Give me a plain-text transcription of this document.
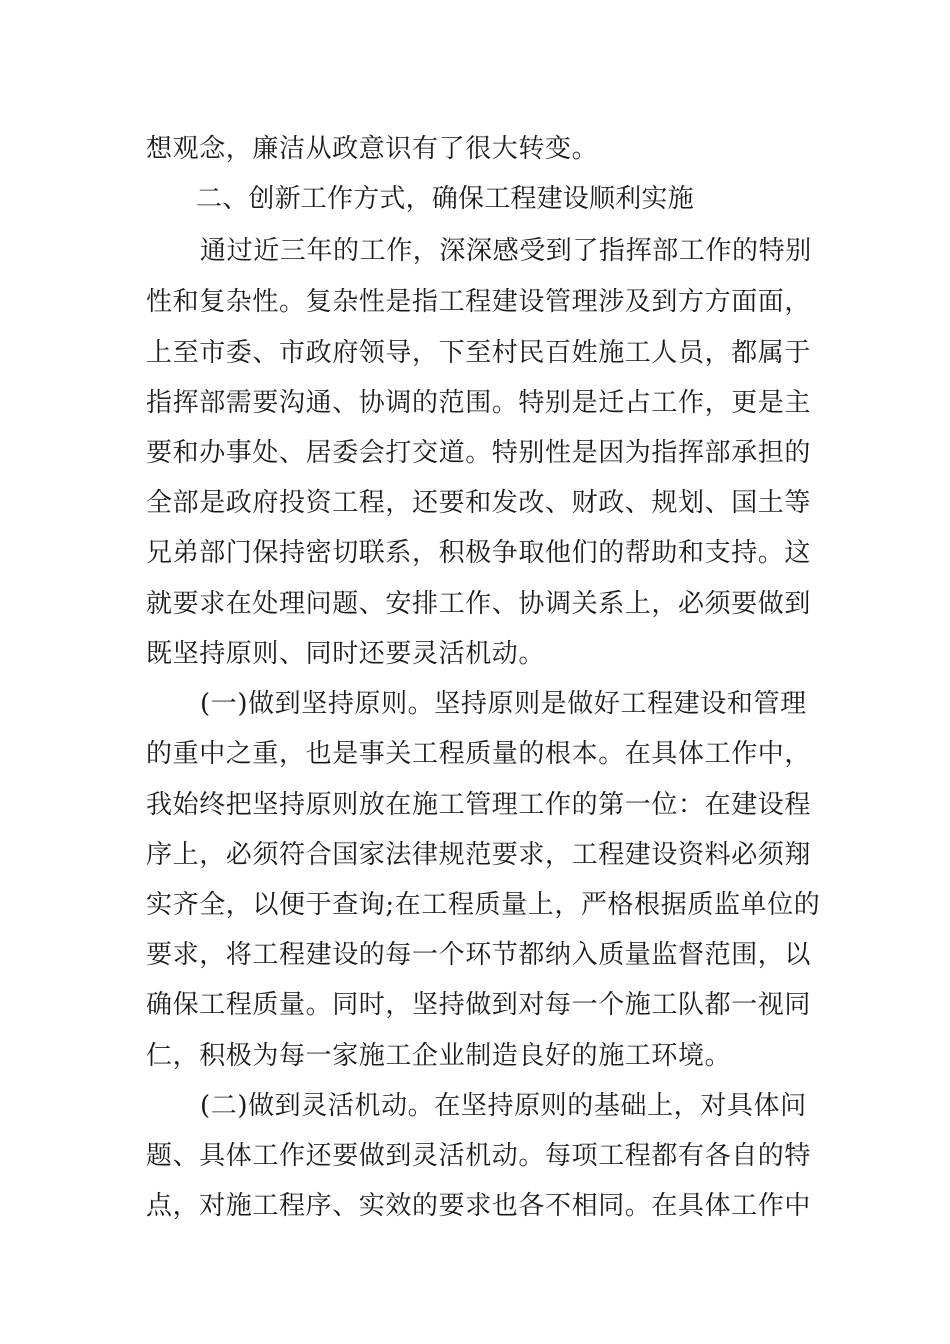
想观念，廉洁从政意识有了很大转变。
二、创新工作方式，确保工程建设顺利实施
通过近三年的工作，深深感受到了指挥部工作的特别
性和复杂性。复杂性是指工程建设管理涉及到方方面面，
上至市委、市政府领导，下至村民百姓施工人员，都属于
指挥部需要沟通、协调的范围。特别是迁占工作，更是主
要和办事处、居委会打交道。特别性是因为指挥部承担的
全部是政府投资工程，还要和发改、财政、规划、国土等
兄弟部门保持密切联系，积极争取他们的帮助和支持。这
就要求在处理问题、安排工作、协调关系上，必须要做到
既坚持原则、同时还要灵活机动。
(一)做到坚持原则。坚持原则是做好工程建设和管理
的重中之重，也是事关工程质量的根本。在具体工作中，
我始终把坚持原则放在施工管理工作的第一位：在建设程
序上，必须符合国家法律规范要求，工程建设资料必须翔
实齐全，以便于查询;在工程质量上，严格根据质监单位的
要求，将工程建设的每一个环节都纳入质量监督范围，以
确保工程质量。同时，坚持做到对每一个施工队都一视同
仁，积极为每一家施工企业制造良好的施工环境。
(二)做到灵活机动。在坚持原则的基础上，对具体问
题、具体工作还要做到灵活机动。每项工程都有各自的特
点，对施工程序、实效的要求也各不相同。在具体工作中
